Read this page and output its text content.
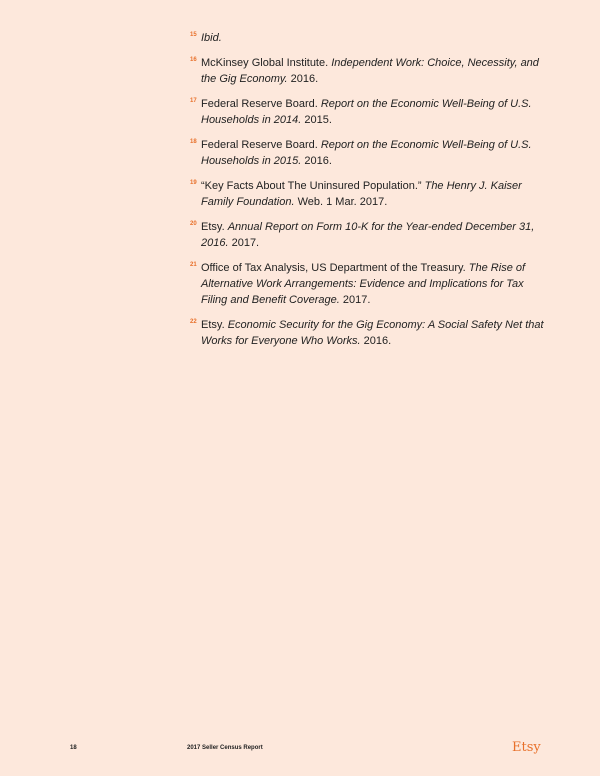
15 Ibid.
16 McKinsey Global Institute. Independent Work: Choice, Necessity, and the Gig Economy. 2016.
17 Federal Reserve Board. Report on the Economic Well-Being of U.S. Households in 2014. 2015.
18 Federal Reserve Board. Report on the Economic Well-Being of U.S. Households in 2015. 2016.
19 “Key Facts About The Uninsured Population.” The Henry J. Kaiser Family Foundation. Web. 1 Mar. 2017.
20 Etsy. Annual Report on Form 10-K for the Year-ended December 31, 2016. 2017.
21 Office of Tax Analysis, US Department of the Treasury. The Rise of Alternative Work Arrangements: Evidence and Implications for Tax Filing and Benefit Coverage. 2017.
22 Etsy. Economic Security for the Gig Economy: A Social Safety Net that Works for Everyone Who Works. 2016.
18	2017 Seller Census Report	Etsy
